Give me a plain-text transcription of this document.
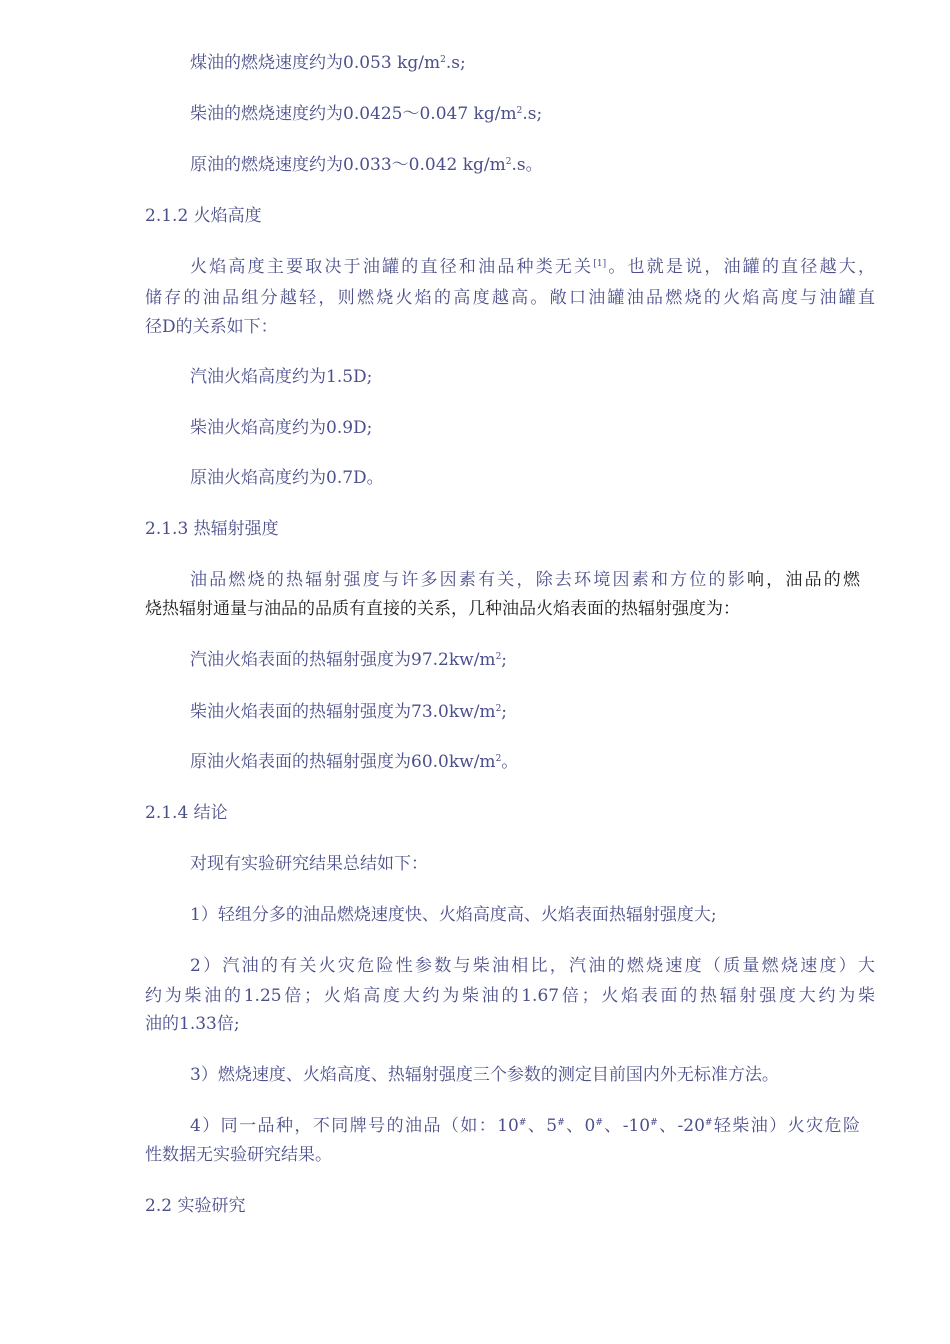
煤油的燃烧速度约为0.053 $kg/m^2.s$;
柴油的燃烧速度约为0.0425～0.047 $kg/m^2.s$;
原油的燃烧速度约为0.033～0.042 $kg/m^2.s$。
2.1.2 火焰高度
火焰高度主要取决于油罐的直径和油品种类无关[1]。也就是说，油罐的直径越大，
储存的油品组分越轻，则燃烧火焰的高度越高。敞口油罐油品燃烧的火焰高度与油罐直
径D的关系如下：
汽油火焰高度约为1.5D;
柴油火焰高度约为0.9D;
原油火焰高度约为0.7D。
2.1.3 热辐射强度
油品燃烧的热辐射强度与许多因素有关，除去环境因素和方位的影响，油品的燃
烧热辐射通量与油品的品质有直接的关系，几种油品火焰表面的热辐射强度为：
汽油火焰表面的热辐射强度为$97.2kw/m^2$;
柴油火焰表面的热辐射强度为$73.0kw/m^2$;
原油火焰表面的热辐射强度为$60.0kw/m^2$。
2.1.4 结论
对现有实验研究结果总结如下：
1）轻组分多的油品燃烧速度快、火焰高度高、火焰表面热辐射强度大;
2）汽油的有关火灾危险性参数与柴油相比，汽油的燃烧速度（质量燃烧速度）大
约为柴油的1.25倍；火焰高度大约为柴油的1.67倍；火焰表面的热辐射强度大约为柴
油的1.33倍;
3）燃烧速度、火焰高度、热辐射强度三个参数的测定目前国内外无标准方法。
4）同一品种，不同牌号的油品（如：10#、5#、0#、-10#、-20#轻柴油）火灾危险
性数据无实验研究结果。
2.2 实验研究
